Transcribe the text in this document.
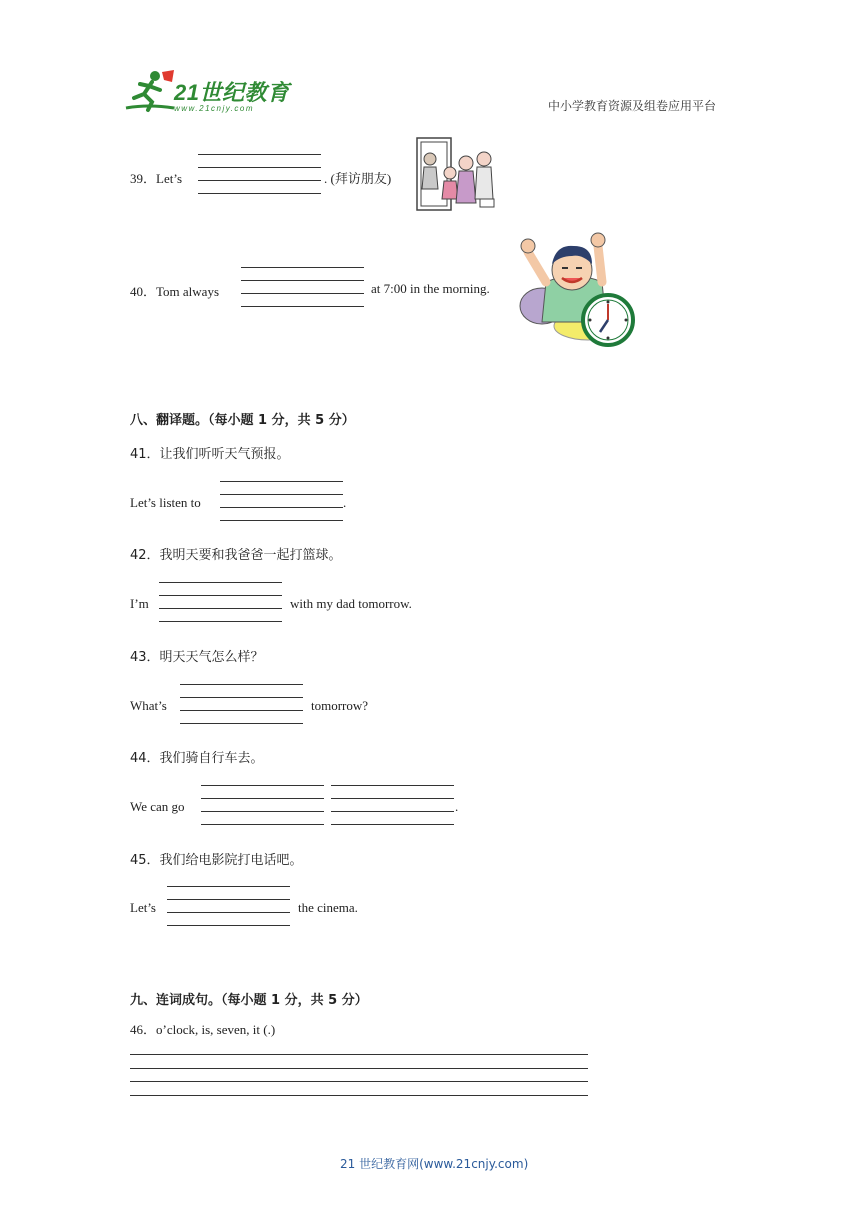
21世纪教育
www.21cnjy.com	中小学教育资源及组卷应用平台
39．Let’s	. (拜访朋友)
40．Tom always	at 7:00 in the morning.
八、翻译题。（每小题 1 分，共 5 分）
41．让我们听听天气预报。
Let’s listen to	.
42．我明天要和我爸爸一起打篮球。
I’m	with my dad tomorrow.
43．明天天气怎么样？
What’s	tomorrow?
44．我们骑自行车去。
We can go	.
45．我们给电影院打电话吧。
Let’s	the cinema.
九、连词成句。（每小题 1 分，共 5 分）
46．o’clock, is, seven, it (.)
21 世纪教育网(www.21cnjy.com)
